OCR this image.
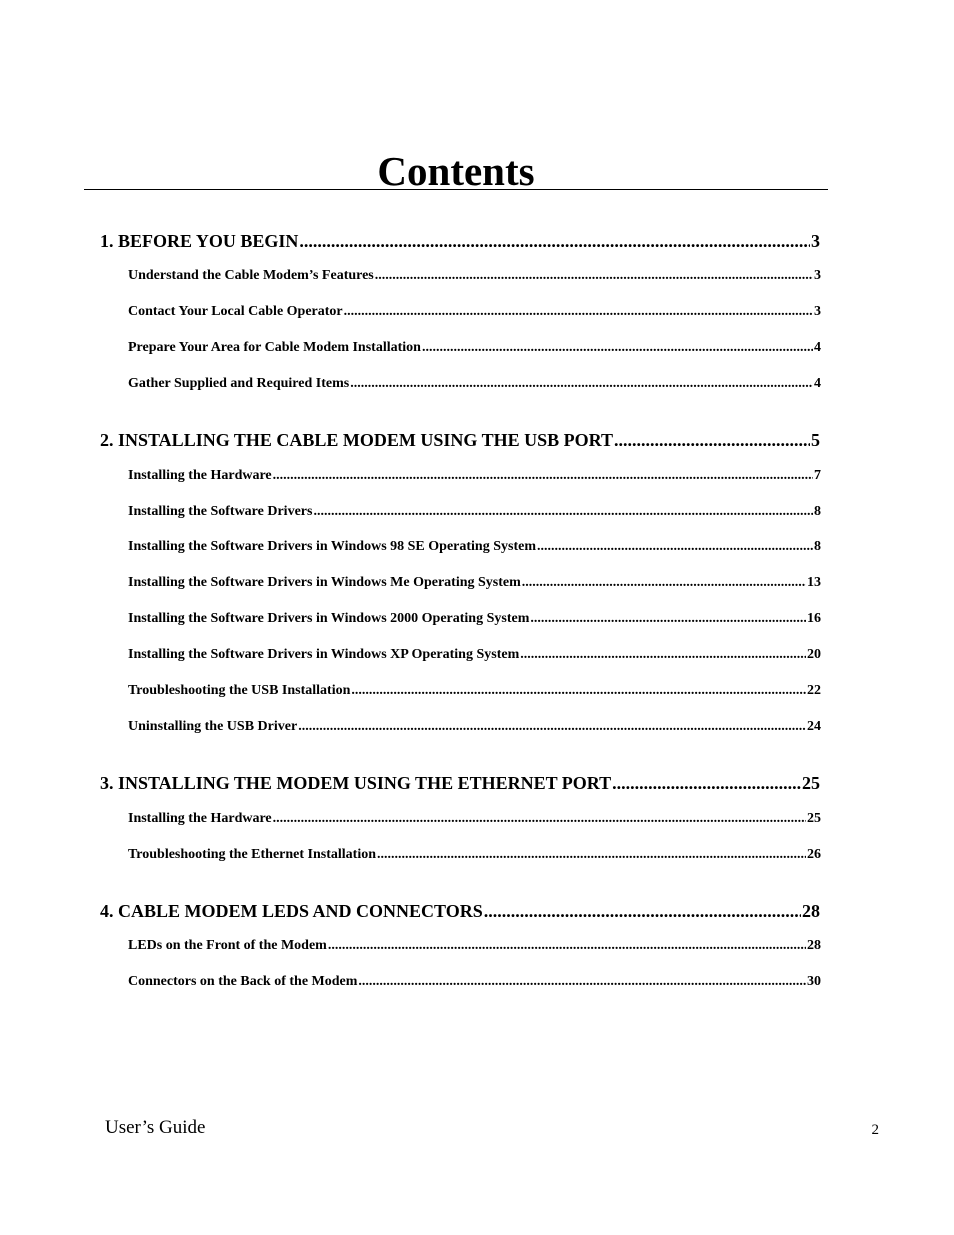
Contents
1. BEFORE YOU BEGIN .....	3
Understand the Cable Modem’s Features .....	3
Contact Your Local Cable Operator .....	3
Prepare Your Area for Cable Modem Installation .....	4
Gather Supplied and Required Items .....	4
2. INSTALLING THE CABLE MODEM USING THE USB PORT .....	5
Installing the Hardware .....	7
Installing the Software Drivers .....	8
Installing the Software Drivers in Windows 98 SE Operating System .....	8
Installing the Software Drivers in Windows Me Operating System .....	13
Installing the Software Drivers in Windows 2000 Operating System .....	16
Installing the Software Drivers in Windows XP Operating System .....	20
Troubleshooting the USB Installation .....	22
Uninstalling the USB Driver .....	24
3. INSTALLING THE MODEM USING THE ETHERNET PORT .....	25
Installing the Hardware .....	25
Troubleshooting the Ethernet Installation .....	26
4. CABLE MODEM LEDS AND CONNECTORS .....	28
LEDs on the Front of the Modem .....	28
Connectors on the Back of the Modem .....	30
User’s Guide	2
